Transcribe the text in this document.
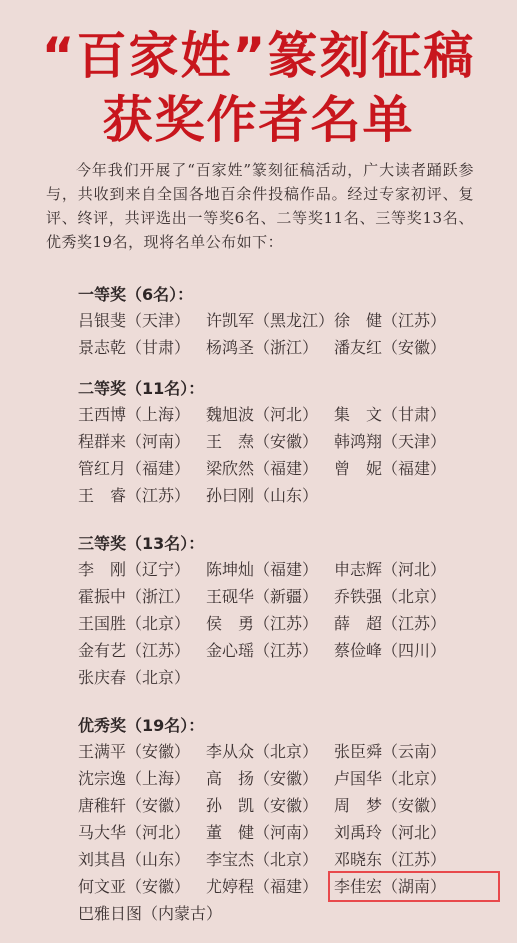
“百家姓”篆刻征稿
获奖作者名单

今年我们开展了“百家姓”篆刻征稿活动，广大读者踊跃参与，共收到来自全国各地百余件投稿作品。经过专家初评、复评、终评，共评选出一等奖6名、二等奖11名、三等奖13名、优秀奖19名，现将名单公布如下：

一等奖（6名）：
吕银斐（天津） 许凯军（黑龙江） 徐　健（江苏）
景志乾（甘肃） 杨鸿圣（浙江） 潘友红（安徽）
二等奖（11名）：
王西博（上海） 魏旭波（河北） 集　文（甘肃）
程群来（河南） 王　焘（安徽） 韩鸿翔（天津）
管红月（福建） 梁欣然（福建） 曾　妮（福建）
王　睿（江苏） 孙曰刚（山东）
三等奖（13名）：
李　刚（辽宁） 陈坤灿（福建） 申志辉（河北）
霍振中（浙江） 王砚华（新疆） 乔铁强（北京）
王国胜（北京） 侯　勇（江苏） 薛　超（江苏）
金有艺（江苏） 金心瑶（江苏） 蔡俭峰（四川）
张庆春（北京）
优秀奖（19名）：
王满平（安徽） 李从众（北京） 张臣舜（云南）
沈宗逸（上海） 高　扬（安徽） 卢国华（北京）
唐稚轩（安徽） 孙　凯（安徽） 周　梦（安徽）
马大华（河北） 董　健（河南） 刘禹玲（河北）
刘其昌（山东） 李宝杰（北京） 邓晓东（江苏）
何文亚（安徽） 尤婷程（福建） 李佳宏（湖南）
巴雅日图（内蒙古）
